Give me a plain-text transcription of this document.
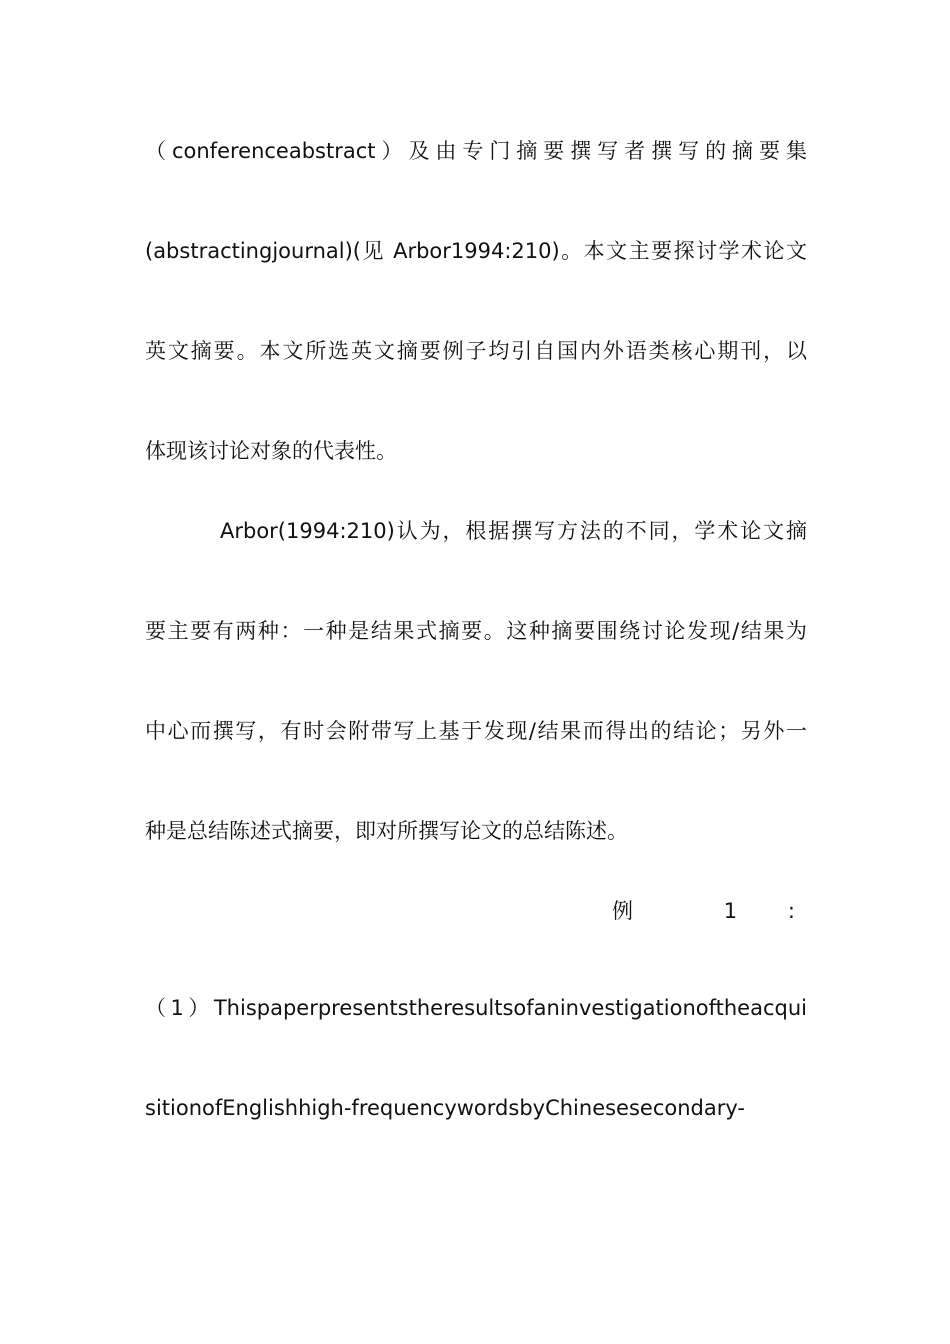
（conferenceabstract）及由专门摘要撰写者撰写的摘要集
(abstractingjournal)(见 Arbor1994:210)。本文主要探讨学术论文
英文摘要。本文所选英文摘要例子均引自国内外语类核心期刊，以
体现该讨论对象的代表性。
Arbor(1994:210)认为，根据撰写方法的不同，学术论文摘
要主要有两种：一种是结果式摘要。这种摘要围绕讨论发现/结果为
中心而撰写，有时会附带写上基于发现/结果而得出的结论；另外一
种是总结陈述式摘要，即对所撰写论文的总结陈述。
例 1 :
（1）Thispaperpresentstheresultsofaninvestigationoftheacqui
sitionofEnglishhigh-frequencywordsbyChinesesecondary-
